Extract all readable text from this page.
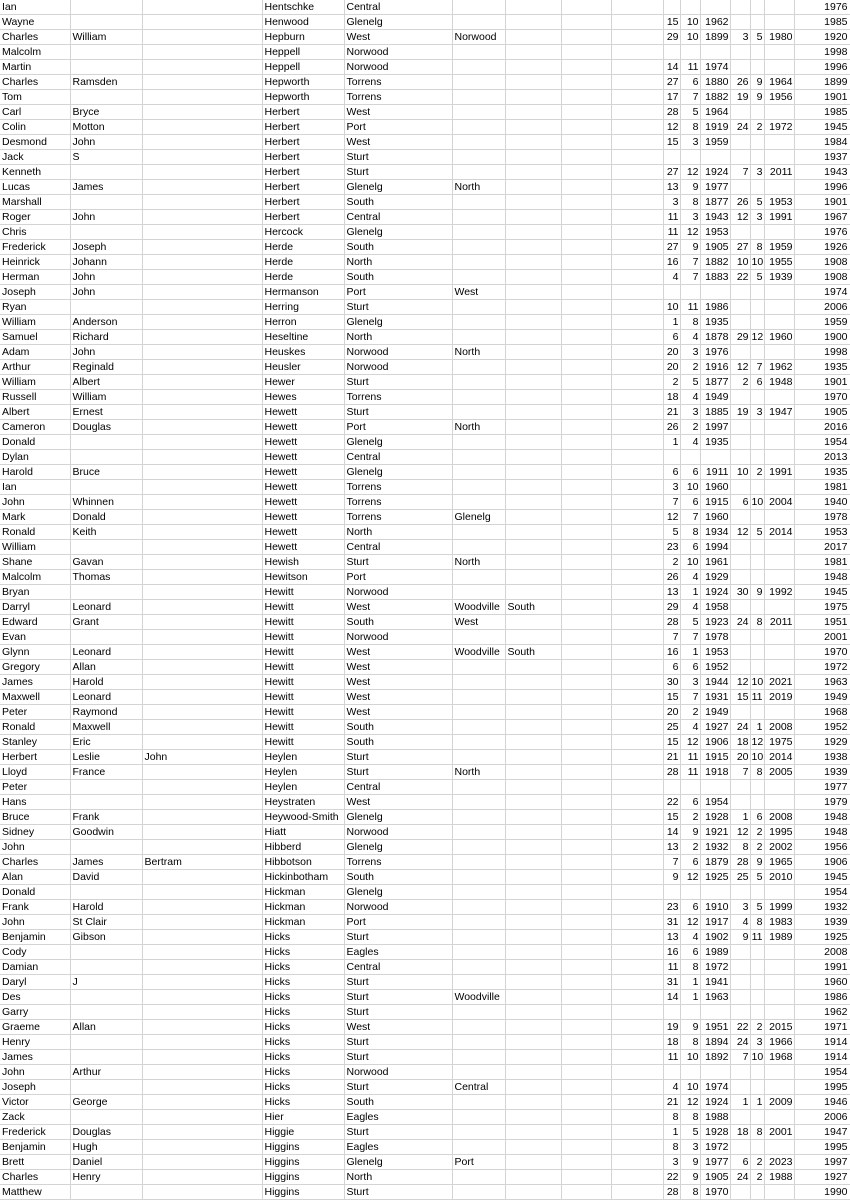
Ian			Hentschke	Central											1976
Wayne			Henwood	Glenelg					15	10	1962				1985
Charles	William		Hepburn	West	Norwood				29	10	1899	3	5	1980	1920
Malcolm			Heppell	Norwood											1998
Martin			Heppell	Norwood					14	11	1974				1996
Charles	Ramsden		Hepworth	Torrens					27	6	1880	26	9	1964	1899
Tom			Hepworth	Torrens					17	7	1882	19	9	1956	1901
Carl	Bryce		Herbert	West					28	5	1964				1985
Colin	Motton		Herbert	Port					12	8	1919	24	2	1972	1945
Desmond	John		Herbert	West					15	3	1959				1984
Jack	S		Herbert	Sturt											1937
Kenneth			Herbert	Sturt					27	12	1924	7	3	2011	1943
Lucas	James		Herbert	Glenelg	North				13	9	1977				1996
Marshall			Herbert	South					3	8	1877	26	5	1953	1901
Roger	John		Herbert	Central					11	3	1943	12	3	1991	1967
Chris			Hercock	Glenelg					11	12	1953				1976
Frederick	Joseph		Herde	South					27	9	1905	27	8	1959	1926
Heinrick	Johann		Herde	North					16	7	1882	10	10	1955	1908
Herman	John		Herde	South					4	7	1883	22	5	1939	1908
Joseph	John		Hermanson	Port	West										1974
Ryan			Herring	Sturt					10	11	1986				2006
William	Anderson		Herron	Glenelg					1	8	1935				1959
Samuel	Richard		Heseltine	North					6	4	1878	29	12	1960	1900
Adam	John		Heuskes	Norwood	North				20	3	1976				1998
Arthur	Reginald		Heusler	Norwood					20	2	1916	12	7	1962	1935
William	Albert		Hewer	Sturt					2	5	1877	2	6	1948	1901
Russell	William		Hewes	Torrens					18	4	1949				1970
Albert	Ernest		Hewett	Sturt					21	3	1885	19	3	1947	1905
Cameron	Douglas		Hewett	Port	North				26	2	1997				2016
Donald			Hewett	Glenelg					1	4	1935				1954
Dylan			Hewett	Central											2013
Harold	Bruce		Hewett	Glenelg					6	6	1911	10	2	1991	1935
Ian			Hewett	Torrens					3	10	1960				1981
John	Whinnen		Hewett	Torrens					7	6	1915	6	10	2004	1940
Mark	Donald		Hewett	Torrens	Glenelg				12	7	1960				1978
Ronald	Keith		Hewett	North					5	8	1934	12	5	2014	1953
William			Hewett	Central					23	6	1994				2017
Shane	Gavan		Hewish	Sturt	North				2	10	1961				1981
Malcolm	Thomas		Hewitson	Port					26	4	1929				1948
Bryan			Hewitt	Norwood					13	1	1924	30	9	1992	1945
Darryl	Leonard		Hewitt	West	Woodville	South			29	4	1958				1975
Edward	Grant		Hewitt	South	West				28	5	1923	24	8	2011	1951
Evan			Hewitt	Norwood					7	7	1978				2001
Glynn	Leonard		Hewitt	West	Woodville	South			16	1	1953				1970
Gregory	Allan		Hewitt	West					6	6	1952				1972
James	Harold		Hewitt	West					30	3	1944	12	10	2021	1963
Maxwell	Leonard		Hewitt	West					15	7	1931	15	11	2019	1949
Peter	Raymond		Hewitt	West					20	2	1949				1968
Ronald	Maxwell		Hewitt	South					25	4	1927	24	1	2008	1952
Stanley	Eric		Hewitt	South					15	12	1906	18	12	1975	1929
Herbert	Leslie	John	Heylen	Sturt					21	11	1915	20	10	2014	1938
Lloyd	France		Heylen	Sturt	North				28	11	1918	7	8	2005	1939
Peter			Heylen	Central											1977
Hans			Heystraten	West					22	6	1954				1979
Bruce	Frank		Heywood-Smith	Glenelg					15	2	1928	1	6	2008	1948
Sidney	Goodwin		Hiatt	Norwood					14	9	1921	12	2	1995	1948
John			Hibberd	Glenelg					13	2	1932	8	2	2002	1956
Charles	James	Bertram	Hibbotson	Torrens					7	6	1879	28	9	1965	1906
Alan	David		Hickinbotham	South					9	12	1925	25	5	2010	1945
Donald			Hickman	Glenelg											1954
Frank	Harold		Hickman	Norwood					23	6	1910	3	5	1999	1932
John	St Clair		Hickman	Port					31	12	1917	4	8	1983	1939
Benjamin	Gibson		Hicks	Sturt					13	4	1902	9	11	1989	1925
Cody			Hicks	Eagles					16	6	1989				2008
Damian			Hicks	Central					11	8	1972				1991
Daryl	J		Hicks	Sturt					31	1	1941				1960
Des			Hicks	Sturt	Woodville				14	1	1963				1986
Garry			Hicks	Sturt											1962
Graeme	Allan		Hicks	West					19	9	1951	22	2	2015	1971
Henry			Hicks	Sturt					18	8	1894	24	3	1966	1914
James			Hicks	Sturt					11	10	1892	7	10	1968	1914
John	Arthur		Hicks	Norwood											1954
Joseph			Hicks	Sturt	Central				4	10	1974				1995
Victor	George		Hicks	South					21	12	1924	1	1	2009	1946
Zack			Hier	Eagles					8	8	1988				2006
Frederick	Douglas		Higgie	Sturt					1	5	1928	18	8	2001	1947
Benjamin	Hugh		Higgins	Eagles					8	3	1972				1995
Brett	Daniel		Higgins	Glenelg	Port				3	9	1977	6	2	2023	1997
Charles	Henry		Higgins	North					22	9	1905	24	2	1988	1927
Matthew			Higgins	Sturt					28	8	1970				1990
